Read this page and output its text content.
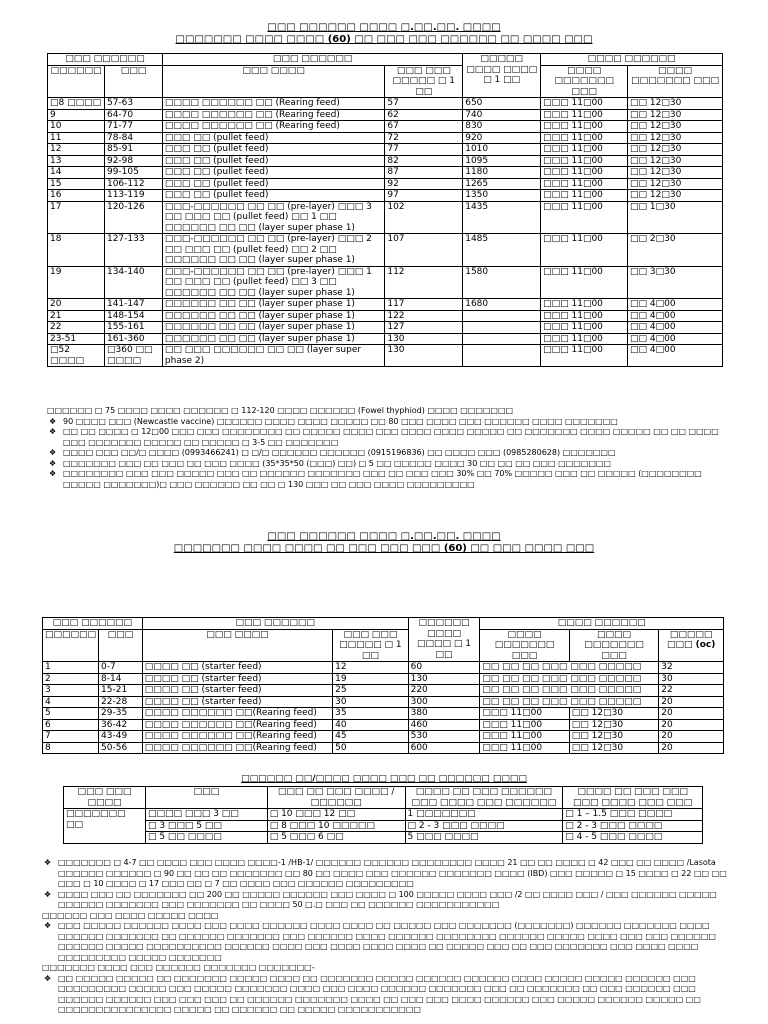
□□□ □□□□□□ □□□□ □.□□.□□. □□□□
□□□□□□□ □□□□ □□□□ (60) □□ □□□ □□□ □□□□□□ □□ □□□□ □□□
□□□ □□□□□□		□□□ □□□□□□		□□□□□ □□□□ □□□□ □ 1 □□	□□□□ □□□□□□	
□□□□□□	□□□	□□□ □□□□	□□□ □□□ □□□□□ □ 1 □□		□□□□ □□□□□□□ □□□	□□□□ □□□□□□□ □□□
□8 □□□□	57-63	□□□□ □□□□□□ □□ (Rearing feed)	57	650	□□□ 11□00	□□ 12□30
9	64-70	□□□□ □□□□□□ □□ (Rearing feed)	62	740	□□□ 11□00	□□ 12□30
10	71-77	□□□□ □□□□□□ □□ (Rearing feed)	67	830	□□□ 11□00	□□ 12□30
11	78-84	□□□ □□ (pullet feed)	72	920	□□□ 11□00	□□ 12□30
12	85-91	□□□ □□ (pullet feed)	77	1010	□□□ 11□00	□□ 12□30
13	92-98	□□□ □□ (pullet feed)	82	1095	□□□ 11□00	□□ 12□30
14	99-105	□□□ □□ (pullet feed)	87	1180	□□□ 11□00	□□ 12□30
15	106-112	□□□ □□ (pullet feed)	92	1265	□□□ 11□00	□□ 12□30
16	113-119	□□□ □□ (pullet feed)	97	1350	□□□ 11□00	□□ 12□30
17	120-126	□□□-□□□□□□ □□ □□ (pre-layer) □□□ 3 □□ □□□ □□ (pullet feed) □□ 1 □□ □□□□□□ □□ □□ (layer super phase 1)	102	1435	□□□ 11□00	□□ 1□30
18	127-133	□□□-□□□□□□ □□ □□ (pre-layer) □□□ 2 □□ □□□ □□ (pullet feed) □□ 2 □□ □□□□□□ □□ □□ (layer super phase 1)	107	1485	□□□ 11□00	□□ 2□30
19	134-140	□□□-□□□□□□ □□ □□ (pre-layer) □□□ 1 □□ □□□ □□ (pullet feed) □□ 3 □□ □□□□□□ □□ □□ (layer super phase 1)	112	1580	□□□ 11□00	□□ 3□30
20	141-147	□□□□□□ □□ □□ (layer super phase 1)	117	1680	□□□ 11□00	□□ 4□00
21	148-154	□□□□□□ □□ □□ (layer super phase 1)	122		□□□ 11□00	□□ 4□00
22	155-161	□□□□□□ □□ □□ (layer super phase 1)	127		□□□ 11□00	□□ 4□00
23-51	161-360	□□□□□□ □□ □□ (layer super phase 1)	130		□□□ 11□00	□□ 4□00
□52 □□□□	□360 □□ □□□□	□□ □□□ □□□□□□ □□ □□ (layer super phase 2)	130		□□□ 11□00	□□ 4□00
□□□□□□ □ 75 □□□□ □□□□ □□□□□□ □ 112-120 □□□□ □□□□□□ (Fowel thyphiod) □□□□ □□□□□□□
❖ 90 □□□□ □□□ (Newcastle vaccine) □□□□□□ □□□□ □□□□ □□□□□ □□ 80 □□□ □□□□ □□□ □□□□□□ □□□□ □□□□□□□
❖ □□ □□ □□□□ □ 12□00 □□□ □□□ □□□□□□□□ □□ □□□□□ □□□□ □□□ □□□□ □□□□ □□□□□ □□ □□□□□□□ □□□□ □□□□□ □□ □□ □□□□ □□□ □□□□□□□ □□□□□ □□ □□□□□ □ 3-5 □□ □□□□□□□
❖ □□□□ □□□ □□/□ □□□□ (0993466241) □ □/□ □□□□□□ □□□□□□ (0915196836) □□ □□□□ □□□ (0985280628) □□□□□□□
❖ □□□□□□□ □□□ □□ □□□ □□ □□□ □□□□ (35*35*50 (□□□) □□) □ 5 □□ □□□□□ □□□□ 30 □□ □□ □□ □□□ □□□□□□□
❖ □□□□□□□□ □□□ □□□ □□□□□ □□□ □□ □□□□□□ □□□□□□□ □□□ □□ □□□ □□□ 30% □□ 70% □□□□□ □□□ □□ □□□□□ (□□□□□□□□ □□□□□ □□□□□□□)□ □□□ □□□□□□ □□ □□ □ 130 □□□ □□ □□□ □□□□ □□□□□□□□□
□□□ □□□□□□ □□□□ □.□□.□□. □□□□
□□□□□□□ □□□□ □□□□ □□ □□□ □□□ □□□ (60) □□ □□□ □□□□ □□□
□□□ □□□□□□		□□□ □□□□□□		□□□□□□ □□□□ □□□□ □ 1 □□	□□□□ □□□□□□		
□□□□□□	□□□	□□□ □□□□	□□□ □□□ □□□□□ □ 1 □□		□□□□ □□□□□□□ □□□	□□□□ □□□□□□□ □□□	□□□□□ □□□ (oc)
1	0-7	□□□□ □□ (starter feed)	12	60	□□ □□ □□ □□□ □□□ □□□□□		32
2	8-14	□□□□ □□ (starter feed)	19	130	□□ □□ □□ □□□ □□□ □□□□□		30
3	15-21	□□□□ □□ (starter feed)	25	220	□□ □□ □□ □□□ □□□ □□□□□		22
4	22-28	□□□□ □□ (starter feed)	30	300	□□ □□ □□ □□□ □□□ □□□□□		20
5	29-35	□□□□ □□□□□□ □□(Rearing feed)	35	380	□□□ 11□00	□□ 12□30	20
6	36-42	□□□□ □□□□□□ □□(Rearing feed)	40	460	□□□ 11□00	□□ 12□30	20
7	43-49	□□□□ □□□□□□ □□(Rearing feed)	45	530	□□□ 11□00	□□ 12□30	20
8	50-56	□□□□ □□□□□□ □□(Rearing feed)	50	600	□□□ 11□00	□□ 12□30	20
□□□□□□ □□/□□□□ □□□□ □□□ □□ □□□□□□ □□□□
□□□ □□□ □□□□	□□□	□□□ □□ □□□ □□□□ /□□□□□□	□□□□ □□ □□□ □□□□□□ □□□ □□□□ □□□ □□□□□□	□□□□ □□ □□□ □□□ □□□ □□□□ □□□ □□□
□□□□□□□ □□	□□□□ □□□ 3 □□	□ 10 □□□ 12 □□	1 □□□□□□□	□ 1 – 1.5 □□□ □□□□
	□ 3 □□□ 5 □□	□ 8 □□□ 10 □□□□□	□ 2 - 3 □□□ □□□□	□ 2 - 3 □□□ □□□□
	□ 5 □□ □□□□	□ 5 □□□ 6 □□	5 □□□ □□□□	□ 4 - 5 □□□ □□□□
❖ □□□□□□□ □ 4-7 □□ □□□□ □□□ □□□□ □□□□-1 /HB-1/ □□□□□□ □□□□□□ □□□□□□□□ □□□□ 21 □□ □□ □□□□ □ 42 □□□ □□ □□□□ /Lasota □□□□□□ □□□□□□ □ 90 □□ □□ □□ □□□□□□□ □□ 80 □□ □□□□ □□□ □□□□□□ □□□□□□□ □□□□ (IBD) □□□ □□□□□ □ 15 □□□□ □ 22 □□ □□ □□□ □ 10 □□□□ □ 17 □□□ □□ □ 7 □□ □□□□ □□□ □□□□□□ □□□□□□□□□
❖ □□□□ □□□ □□ □□□□□□□ □□ 200 □□ □□□□□ □□□□□□ □□□ □□□□ □ 100 □□□□□ □□□□ □□□ /2 □□ □□□□ □□□ / □□□ □□□□□□ □□□□□ □□□□□□ □□□□□□□ □□□ □□□□□□□ □□ □□□□ 50 □.□ □□□ □□ □□□□□□ □□□□□□□□□□□
□□□□□□ □□□ □□□□ □□□□□ □□□□
❖ □□□ □□□□□ □□□□□□ □□□□ □□□ □□□□ □□□□□□ □□□□ □□□□ □□ □□□□□ □□□ □□□□□□□ (□□□□□□□) □□□□□□ □□□□□□□ □□□□ □□□□□□ □□□□□□□ □□ □□□□□□ □□□□□□□ □□□ □□□□□□ □□□□ □□□□□□ □□□□□□□□ □□□□□□ □□□□□ □□□□ □□□ □□□ □□□□□□ □□□□□□ □□□□□ □□□□□□□□□□ □□□□□□ □□□□ □□□ □□□□ □□□□ □□□□ □□ □□□□□ □□□ □□ □□□ □□□□□□□ □□□ □□□□ □□□□ □□□□□□□□□ □□□□□ □□□□□□□
□□□□□□□ □□□□ □□□ □□□□□□ □□□□□□□ □□□□□□□-
❖ □□ □□□□□ □□□□□ □□ □□□□□□□ □□□□□ □□□□ □□ □□□□□□□ □□□□□ □□□□□□ □□□□□□ □□□□ □□□□□ □□□□□ □□□□□□ □□□ □□□□□□□□□ □□□□□ □□□ □□□□□ □□□□□□□ □□□□ □□□ □□□□ □□□□□□ □□□□□□□ □□□ □□ □□□□□□□ □□ □□□ □□□□□□ □□□ □□□□□□ □□□□□□ □□□ □□□ □□□ □□ □□□□□□ □□□□□□□ □□□□ □□ □□□ □□□ □□□□ □□□□□□ □□□ □□□□□ □□□□□□ □□□□□ □□ □□□□□□□□□□□□□□□ □□□□□ □□ □□□□□□ □□ □□□□□ □□□□□□□□□□□
